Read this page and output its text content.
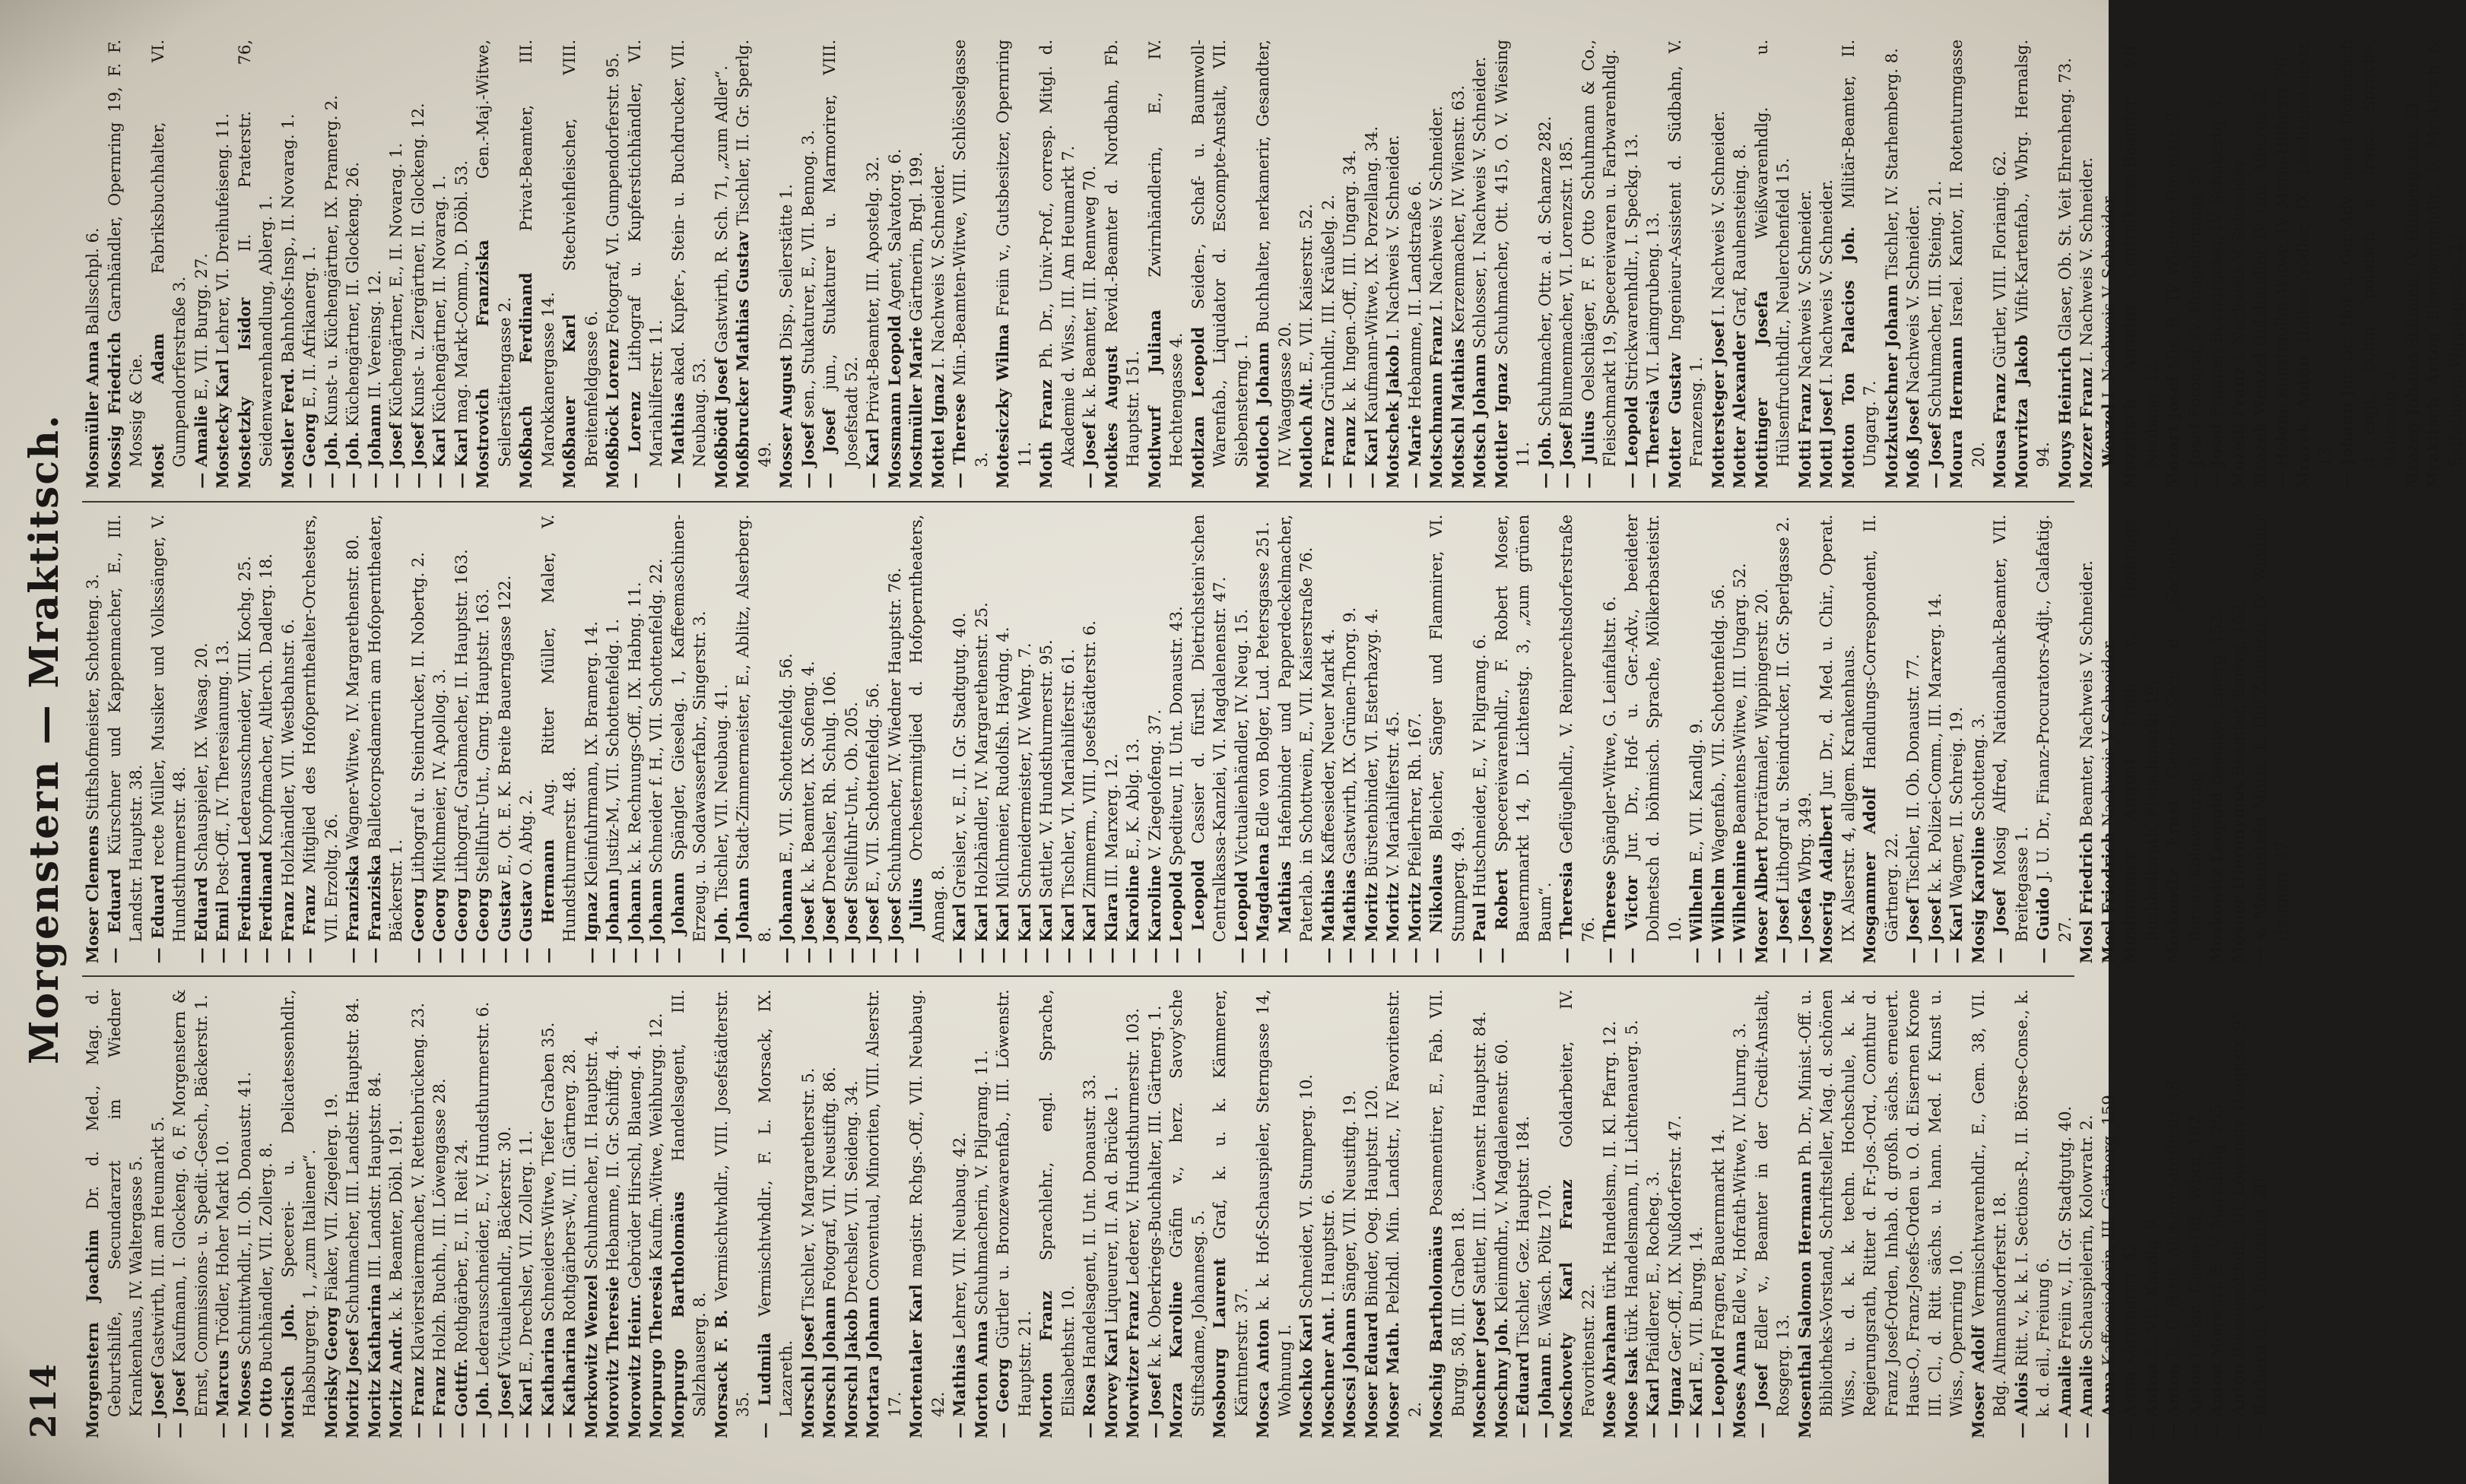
214
Morgenstern — Mraktitsch.

Morgenstern Joachim Dr. d. Med., Mag. d. Geburtshilfe, Secundararzt im Wiedner Krankenhaus, IV. Waltergasse 5. — Josef Gastwirth, III. am Heumarkt 5.

— Josef Kaufmann, I. Glockeng. 6, F. Morgenstern & Ernst, Commissions- u. Spedit.-Gesch., Bäckerstr. 1. — Marcus Trödler, Hoher Markt 10.

— Moses Schnittwhdlr., II. Ob. Donaustr. 41.

— Otto Buchhändler, VII. Zollerg. 8. Morisch Joh. Specerei- u. Delicatessenhdlr., Habsburgerg. 1, „zum Italiener“. Morisky Georg Fiaker, VII. Ziegelerg. 19.

Moritz Josef Schuhmacher, III. Landstr. Hauptstr. 84.

Moritz Katharina III. Landstr. Hauptstr. 84.

Moritz Andr. k. k. Beamter, Döbl. 191.

— Franz Klavierstaiermacher, V. Rettenbrückeng. 23.

— Franz Holzh. Buchh., III. Löwengasse 28.

— Gottfr. Rothgärber, E., II. Reit 24.

— Joh. Lederausschneider, E., V. Hundsthurmerstr. 6.

— Josef Victualienhdlr., Bäckerstr. 30.

— Karl E., Drechsler, VII. Zollerg. 11.

— Katharina Schneiders-Witwe, Tiefer Graben 35.

— Katharina Rothgärbers-W., III. Gärtnerg. 28.

Morkowitz Wenzel Schuhmacher, II. Hauptstr. 4.

Morovitz Theresie Hebamme, II. Gr. Schiffg. 4.

Morowitz Heinr. Gebrüder Hirschl, Blaueng. 4.

Morpurgo Theresia Kaufm.-Witwe, Weihburgg. 12.

Morpurgo Bartholomäus Handelsagent, III. Salzhauserg. 8. Morsack F. B. Vermischtwhdlr., VIII. Josefstädterstr. 35. — Ludmila Vermischtwhdlr., F. L. Morsack, IX. Lazareth. Morschl Josef Tischler, V. Margaretherstr. 5.

Morschl Johann Fotograf, VII. Neustiftg. 86.

Morschl Jakob Drechsler, VII. Seideng. 34.

Mortara Johann Conventual, Minoriten, VIII. Alserstr. 17. Mortentaler Karl magistr. Rchgs.-Off., VII. Neubaug. 42. — Mathias Lehrer, VII. Neubaug. 42.

Morton Anna Schuhmacherin, V. Pilgramg. 11.

— Georg Gürtler u. Bronzewarenfab., III. Löwenstr. Hauptstr. 21. Morton Franz Sprachlehr., engl. Sprache, Elisabethstr. 10. — Rosa Handelsagent, II. Unt. Donaustr. 33.

Morvey Karl Liqueurer, II. An d. Brücke 1.

Morwitzer Franz Lederer, V. Hundsthurmerstr. 103.

— Josef k. k. Oberkriegs-Buchhalter, III. Gärtnerg. 1. Morza Karoline Gräfin v., herz. Savoy'sche Stiftsdame, Johannesg. 5. Mosbourg Laurent Graf, k. u. k. Kämmerer, Kärntnerstr. 37. Mosca Anton k. k. Hof-Schauspieler, Sterngasse 14, Wohnung I. Moschko Karl Schneider, VI. Stumperg. 10.

Moschner Ant. I. Hauptstr. 6.

Moscsi Johann Sänger, VII. Neustiftg. 19.

Moser Eduard Binder, Oeg. Hauptstr. 120.

Moser Math. Pelzhdl. Min. Landstr., IV. Favoritenstr. 2. Moschig Bartholomäus Posamentirer, E., Fab. VII. Burgg. 58, III. Graben 18. Moschner Josef Sattler, III. Löwenstr. Hauptstr. 84.

Moschny Joh. Kleinmdhr., V. Magdalenenstr. 60.

— Eduard Tischler, Gez. Hauptstr. 184.

— Johann E. Wäsch. Pöltz 170. Moschovety Karl Franz Goldarbeiter, IV. Favoritenstr. 22. Mose Abraham türk. Handelsm., II. Kl. Pfarrg. 12.

Mose Isak türk. Handelsmann, II. Lichtenauerg. 5.

— Karl Pfaidlerer, E., Rocheg. 3.

— Ignaz Ger.-Off., IX. Nußdorferstr. 47.

— Karl E., VII. Burgg. 14.

— Leopold Fragner, Bauernmarkt 14.

Moses Anna Edle v., Hofrath-Witwe, IV. Lhurng. 3.

— Josef Edler v., Beamter in der Credit-Anstalt, Rosgerg. 13. Mosenthal Salomon Hermann Ph. Dr., Minist.-Off. u. Bibliotheks-Vorstand, Schriftsteller, Mag. d. schönen Wiss., u. d. k. k. techn. Hochschule, k. k. Regierungsrath, Ritter d. Fr.-Jos.-Ord., Comthur d. Franz Josef-Orden, Inhab. d. großh. sächs. erneuert. Haus-O., Franz-Josefs-Orden u. O. d. Eisernen Krone III. Cl., d. Ritt. sächs. u. hann. Med. f. Kunst u. Wiss., Opernring 10. Moser Adolf Vermischtwarenhdlr., E., Gem. 38, VII. Bdg. Altmannsdorferstr. 18. — Alois Ritt. v., k. k. I. Sections-R., II. Börse-Conse., k. k. d. eil., Freiung 6. — Amalie Freiin v., II. Gr. Stadtgutg. 40.

— Amalie Schauspielerin, Kolowratr. 2.

— Anna Kaffeesiederin, III. Gärtnerg. 159.

— Anna Kärntnerstr. 42.

— Anton E., VII. Kandlg. 9.

— Anton E., II. Hirla, Allmannsdorferstr. 18.

— Anton Lackir., Gasse-Off., Wbrg. 192.

— Anton Mogwurf. E., V. Mariahilfg. 265.

— Anton Riemenmhhdlr., III. Löwenstr. Hauptstr. 97.

— Barbara E., V. Franzensg. 20.

Moser Clemens Stiftshofmeister, Schotteng. 3.

— Eduard Kürschner und Kappenmacher, E., III. Landstr. Hauptstr. 38. — Eduard recte Müller, Musiker und Volkssänger, V. Hundsthurmerstr. 48. — Eduard Schauspieler, IX. Wasag. 20.

— Emil Post-Off., IV. Theresianumg. 13.

— Ferdinand Lederausschneider, VIII. Kochg. 25.

— Ferdinand Knopfmacher, Altlerch. Dadlerg. 18.

— Franz Holzhändler, VII. Westbahnstr. 6.

— Franz Mitglied des Hofopernthealter-Orchesters, VII. Erzoltg. 26. — Franziska Wagner-Witwe, IV. Margarethenstr. 80.

— Franziska Balletcorpsdamerin am Hofoperntheater, Bäckerstr. 1. — Georg Lithograf u. Steindrucker, II. Nobertg. 2.

— Georg Mitchmeier, IV. Apollog. 3.

— Georg Lithograf, Grabmacher, II. Hauptstr. 163.

— Georg Stellfuhr-Unt., Gmrg. Hauptstr. 163.

— Gustav E., Ot. E. K. Breite Bauerngasse 122.

— Gustav O. Abtg. 2.

— Hermann Aug. Ritter Müller, Maler, V. Hundsthurmerstr. 48. — Ignaz Kleinfuhrmann, IX. Bramerg. 14.

— Johann Justiz-M., VII. Schottenfeldg. 1.

— Johann k. k. Rechnungs-Off., IX. Habng. 11.

— Johann Schneider f. H., VII. Schottenfeldg. 22.

— Johann Spängler, Gieselag. 1, Kaffeemaschinen-Erzeug. u. Sodawasserfabr., Singerstr. 3. — Joh. Tischler, VII. Neubaug. 41.

— Johann Stadt-Zimmermeister, E., Ablitz, Alserberg. 8. — Johanna E., VII. Schottenfeldg. 56.

— Josef k. k. Beamter, IX. Sofieng. 4.

— Josef Drechsler, Rh. Schulg. 106.

— Josef Stellfuhr-Unt., Ob. 205.

— Josef E., VII. Schottenfeldg. 56.

— Josef Schuhmacher, IV. Wiedner Hauptstr. 76.

— Julius Orchestermitglied d. Hofoperntheaters, Annag. 8. — Karl Greisler, v. E., II. Gr. Stadtgutg. 40.

— Karl Holzhändler, IV. Margarethenstr. 25.

— Karl Milchmeier, Rudolfsh. Haydng. 4.

— Karl Schneidermeister, IV. Wehrg. 7.

— Karl Sattler, V. Hundsthurmerstr. 95.

— Karl Tischler, VI. Mariahilferstr. 61.

— Karl Zimmerm., VIII. Josefstädterstr. 6.

— Klara III. Marxerg. 12.

— Karoline E., K. Ablg. 13.

— Karoline V. Ziegelofeng. 37.

— Leopold Spediteur, II. Unt. Donaustr. 43.

— Leopold Cassier d. fürstl. Dietrichstein'schen Centralkassa-Kanzlei, VI. Magdalenenstr. 47. — Leopold Victualienhändler, IV. Neug. 15.

— Magdalena Edle von Bolger, Lud. Petersgasse 251.

— Mathias Hafenbinder und Papperdeckelmacher, Paterlab. in Schottwein, E., VII. Kaiserstraße 76. — Mathias Kaffeesieder, Neuer Markt 4.

— Mathias Gastwirth, IX. Grünen-Thorg. 9.

— Moritz Bürstenbinder, VI. Esterhazyg. 4.

— Moritz V. Mariahilferstr. 45.

— Moritz Pfeilerhrer, Rh. 167.

— Nikolaus Bleicher, Sänger und Flammirer, VI. Stumperg. 49. — Paul Hutschneider, E., V. Pilgramg. 6.

— Robert Specereiwarenhdlr., F. Robert Moser, Bauernmarkt 14, D. Lichtenstg. 3, „zum grünen Baum“. — Theresia Geflügelhdlr., V. Reinprechtsdorferstraße 76. — Therese Spängler-Witwe, G. Leinfaltstr. 6.

— Victor Jur. Dr., Hof- u. Ger.-Adv., beeideter Dolmetsch d. böhmisch. Sprache, Mölkerbasteistr. 10. — Wilhelm E., VII. Kandlg. 9.

— Wilhelm Wagenfab., VII. Schottenfeldg. 56.

— Wilhelmine Beamtens-Witwe, III. Ungarg. 52.

Moser Albert Porträtmaler, Wippingerstr. 20.

— Josef Lithograf u. Steindrucker, II. Gr. Sperlgasse 2.

— Josefa Wbrg. 349. Moserig Adalbert Jur. Dr., d. Med. u. Chir., Operat. IX. Alserstr. 4, allgem. Krankenhaus. Mosgammer Adolf Handlungs-Correspondent, II. Gärtnerg. 22. — Josef Tischler, II. Ob. Donaustr. 77.

— Josef k. k. Polizei-Comm., III. Marxerg. 14.

— Karl Wagner, II. Schreig. 19. Mosig Karoline Schotteng. 3.

— Josef Mosig Alfred, Nationalbank-Beamter, VII. Breitegasse 1. — Guido J. U. Dr., Finanz-Procurators-Adjt., Calafatig. 27. Mosl Friedrich Beamter, Nachweis V. Schneider.

Mosl Friedrich Nachweis V. Schneider.

Moshammer August Freih. v., Hofkriegs-Buchhaltsrath, Fleischmarkt 19. Moskowitz Ernst General-Secr. d. „Securitas“, Bureau Kolowratring 9. Moskowitz Leopold Beamter, Emerg. 152.

Mosner Hieronymus Beamter, Emerg. 152.

— v. Mosenstein Moriz, k. Hof-Zahnarzt, IV. Wiedner Hauptstr. 47.

Mosmüller Anna Ballsschpl. 6.

Mossig Friedrich Garnhändler, Opernring 19, F. F. Mossig & Cie. Most Adam Fabriksbuchhalter, VI. Gumpendorferstraße 3. — Amalie E., VII. Burgg. 27.

Mostecky Karl Lehrer, VI. Dreihufeiseng. 11.

Mostetzky Isidor II. Praterstr. 76, Seidenwarenhandlung, Ablerg. 1. Mostler Ferd. Bahnhofs-Insp., II. Novarag. 1.

— Georg E., II. Afrikanerg. 1.

— Joh. Kunst- u. Küchengärtner, IX. Pramerg. 2.

— Joh. Küchengärtner, II. Glockeng. 26.

— Johann II. Vereinsg. 12.

— Josef Küchengärtner, E., II. Novarag. 1.

— Josef Kunst- u. Ziergärtner, II. Glockeng. 12.

— Karl Küchengärtner, II. Novarag. 1.

— Karl mag. Markt-Comm., D. Döbl. 53. Mostrovich Franziska Gen.-Maj.-Witwe, Seilerstättengasse 2. Moßbach Ferdinand Privat-Beamter, III. Marokkanergasse 14. Moßbauer Karl Stechviehfleischer, VIII. Breitenfeldgasse 6. Moßböck Lorenz Fotograf, VI. Gumpendorferstr. 95.

— Lorenz Lithograf u. Kupferstichhändler, VI. Mariahilferstr. 11. — Mathias akad. Kupfer-, Stein- u. Buchdrucker, VII. Neubaug. 53. Moßbödt Josef Gastwirth, R. Sch. 71, „zum Adler“.

Moßbrucker Mathias Gustav Tischler, II. Gr. Sperlg. 49. Mosser August Disp., Seilerstätte 1.

— Josef sen., Stukaturer, E., VII. Bennog. 3.

— Josef jun., Stukaturer u. Marmorirer, VIII. Josefstadt 52. — Karl Privat-Beamter, III. Apostelg. 32. Mossmann Leopold Agent, Salvatorg. 6.

Mostmüller Marie Gärtnerin, Brgl. 199.

Mottel Ignaz I. Nachweis V. Schneider.

— Therese Min.-Beamten-Witwe, VIII. Schlösselgasse 3. Motesiczky Wilma Freiin v., Gutsbesitzer, Opernring 11. Moth Franz Ph. Dr., Univ.-Prof., corresp. Mitgl. d. Akademie d. Wiss., III. Am Heumarkt 7. — Josef k. k. Beamter, III. Rennweg 70. Motkes August Revid.-Beamter d. Nordbahn, Fb. Hauptstr. 151. Motlwurf Juliana Zwirnhändlerin, E., IV. Hechtengasse 4. Motlzan Leopold Seiden-, Schaf- u. Baumwoll-Warenfab., Liquidator d. Escompte-Anstalt, VII. Siebensterng. 1. Motloch Johann Buchhalter, nerkamerir, Gesandter, IV. Waaggasse 20. Motloch Alt. E., VII. Kaiserstr. 52.

— Franz Grünhdlr., III. Kräußelg. 2.

— Franz k. k. Ingen.-Off., III. Ungarg. 34.

— Karl Kaufmann-Witwe, IX. Porzellang. 34. Motschek Jakob I. Nachweis V. Schneider.

— Marie Hebamme, II. Landstraße 6. Motschmann Franz I. Nachweis V. Schneider.

Motschl Mathias Kerzenmacher, IV. Wienstr. 63.

Motsch Johann Schlosser, I. Nachweis V. Schneider.

Mottler Ignaz Schuhmacher, Ott. 415, O. V. Wiesing 11. — Joh. Schuhmacher, Ottr. a. d. Schanze 282.

— Josef Blumenmacher, VI. Lorenzstr. 185.

— Julius Oelschläger, F. F. Otto Schuhmann & Co., Fleischmarkt 19, Specereiwaren u. Farbwarenhdlg. — Leopold Strickwarenhdlr., I. Speckg. 13.

— Theresia VI. Laimgrubeng. 13.

Motter Gustav Ingenieur-Assistent d. Südbahn, V. Franzensg. 1. Mottersteger Josef I. Nachweis V. Schneider.

Motter Alexander Graf, Rauhensteing. 8.

Mottinger Josefa Weißwarenhdlg. u. Hülsenfruchthdlr., Neulerchenfeld 15. Motti Franz Nachweis V. Schneider.

Mottl Josef I. Nachweis V. Schneider. Motton Ton Palacios Joh. Militär-Beamter, II. Ungarg. 7. Motzkutschner Johann Tischler, IV. Starhemberg. 8.

Moß Josef Nachweis V. Schneider.

— Josef Schuhmacher, III. Steing. 21. Moura Hermann Israel. Kantor, II. Rotenturmgasse 20. Mousa Franz Gürtler, VIII. Florianig. 62.

Mouvritza Jakob Vifit-Kartenfab., Wbrg. Hernalsg. 94. Mouys Heinrich Glaser, Ob. St. Veit Ehrenheng. 73.

Mozzer Franz I. Nachweis V. Schneider.

— Wenzel I. Nachweis V. Schneider. Mozzitsch Anselm Centralkassa-Beamter, VII. Neubaug. 12. Mozart Josef Min. R., IV. Wiedner Hauptstr. 2.

— Josef Fotograf, IV. Hungelbrunng. 57.

— Josef Fragner, Buchdrucker, IV. Schubertg. 3.

Mozelli Franz I. Nachweis V. Schneider.

Mrazek Wenzel Holzhändler, IV. Unt. Albergs. 2.

— Helene Kunstmüller-Witwe, IV. Maria-Hilferstr. 76.

Mrazek Anton Hallen-Trödler, IX. Liechtensteinstr. 13. — Johann Jur. Dr., Hof- u. Ger.-Adv., beeid. Dolmetsch d. engl., böhm., polnisch. u. franz. Sprache, Rahenstg. 2. Mrazeg Johann Schmied, IV. Himbergerstr. 39.

Mrakitsch Anton Eisenwarenhdlr., F. Mrakitsch & Seifschneg, Wippingerstr. 27.
